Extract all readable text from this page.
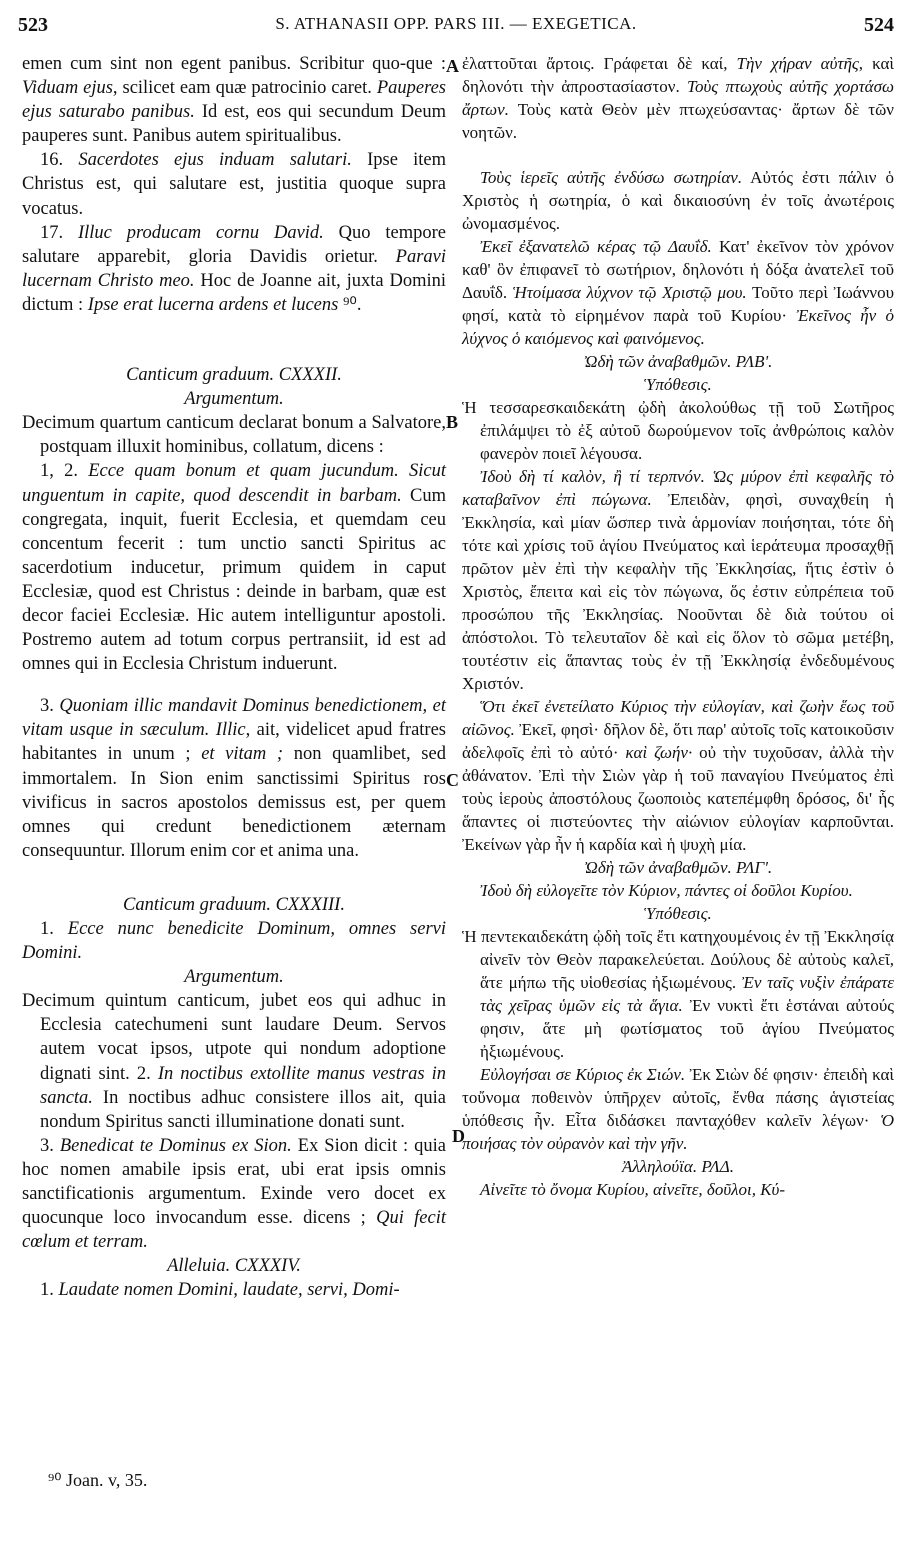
523	S. ATHANASII OPP. PARS III. — EXEGETICA.	524
A
B
C
D

emen cum sint non egent panibus. Scribitur quo-que : Viduam ejus, scilicet eam quæ patrocinio caret. Pauperes ejus saturabo panibus. Id est, eos qui secundum Deum pauperes sunt. Panibus autem spiritualibus.

16. Sacerdotes ejus induam salutari. Ipse item Christus est, qui salutare est, justitia quoque supra vocatus.

17. Illuc producam cornu David. Quo tempore salutare apparebit, gloria Davidis orietur. Paravi lucernam Christo meo. Hoc de Joanne ait, juxta Domini dictum : Ipse erat lucerna ardens et lucens ⁹⁰.

Canticum graduum. CXXXII.

Argumentum.

Decimum quartum canticum declarat bonum a Salvatore, postquam illuxit hominibus, collatum, dicens :

1, 2. Ecce quam bonum et quam jucundum. Sicut unguentum in capite, quod descendit in barbam. Cum congregata, inquit, fuerit Ecclesia, et quemdam ceu concentum fecerit : tum unctio sancti Spiritus ac sacerdotium inducetur, primum quidem in caput Ecclesiæ, quod est Christus : deinde in barbam, quæ est decor faciei Ecclesiæ. Hic autem intelliguntur apostoli. Postremo autem ad totum corpus pertransiit, id est ad omnes qui in Ecclesia Christum induerunt.

3. Quoniam illic mandavit Dominus benedictionem, et vitam usque in sæculum. Illic, ait, videlicet apud fratres habitantes in unum ; et vitam ; non quamlibet, sed immortalem. In Sion enim sanctissimi Spiritus ros vivificus in sacros apostolos demissus est, per quem omnes qui credunt benedictionem æternam consequuntur. Illorum enim cor et anima una.

Canticum graduum. CXXXIII.

1. Ecce nunc benedicite Dominum, omnes servi Domini.

Argumentum.

Decimum quintum canticum, jubet eos qui adhuc in Ecclesia catechumeni sunt laudare Deum. Servos autem vocat ipsos, utpote qui nondum adoptione dignati sint. 2. In noctibus extollite manus vestras in sancta. In noctibus adhuc consistere illos ait, quia nondum Spiritus sancti illuminatione donati sunt.

3. Benedicat te Dominus ex Sion. Ex Sion dicit : quia hoc nomen amabile ipsis erat, ubi erat ipsis omnis sanctificationis argumentum. Exinde vero docet ex quocunque loco invocandum esse. dicens ; Qui fecit cœlum et terram.

Alleluia. CXXXIV.

1. Laudate nomen Domini, laudate, servi, Domi-

ἐλαττοῦται ἄρτοις. Γράφεται δὲ καί, Τὴν χήραν αὐτῆς, καὶ δηλονότι τὴν ἀπροστασίαστον. Τοὺς πτωχοὺς αὐτῆς χορτάσω ἄρτων. Τοὺς κατὰ Θεὸν μὲν πτωχεύσαντας· ἄρτων δὲ τῶν νοητῶν.

Τοὺς ἱερεῖς αὐτῆς ἐνδύσω σωτηρίαν. Αὐτός ἐστι πάλιν ὁ Χριστὸς ἡ σωτηρία, ὁ καὶ δικαιοσύνη ἐν τοῖς ἀνωτέροις ὠνομασμένος.

Ἐκεῖ ἐξανατελῶ κέρας τῷ Δαυΐδ. Κατ' ἐκεῖνον τὸν χρόνον καθ' ὃν ἐπιφανεῖ τὸ σωτήριον, δηλονότι ἡ δόξα ἀνατελεῖ τοῦ Δαυΐδ. Ἡτοίμασα λύχνον τῷ Χριστῷ μου. Τοῦτο περὶ Ἰωάννου φησί, κατὰ τὸ εἰρημένον παρὰ τοῦ Κυρίου· Ἐκεῖνος ἦν ὁ λύχνος ὁ καιόμενος καὶ φαινόμενος.

Ὠδὴ τῶν ἀναβαθμῶν. ΡΛΒʹ.

Ὑπόθεσις.

Ἡ τεσσαρεσκαιδεκάτη ᾠδὴ ἀκολούθως τῇ τοῦ Σωτῆρος ἐπιλάμψει τὸ ἐξ αὐτοῦ δωρούμενον τοῖς ἀνθρώποις καλὸν φανερὸν ποιεῖ λέγουσα.

Ἰδοὺ δὴ τί καλὸν, ἢ τί τερπνόν. Ὡς μύρον ἐπὶ κεφαλῆς τὸ καταβαῖνον ἐπὶ πώγωνα. Ἐπειδὰν, φησὶ, συναχθείη ἡ Ἐκκλησία, καὶ μίαν ὥσπερ τινὰ ἁρμονίαν ποιήσηται, τότε δὴ τότε καὶ χρίσις τοῦ ἁγίου Πνεύματος καὶ ἱεράτευμα προσαχθῇ πρῶτον μὲν ἐπὶ τὴν κεφαλὴν τῆς Ἐκκλησίας, ἥτις ἐστὶν ὁ Χριστὸς, ἔπειτα καὶ εἰς τὸν πώγωνα, ὅς ἐστιν εὐπρέπεια τοῦ προσώπου τῆς Ἐκκλησίας. Νοοῦνται δὲ διὰ τούτου οἱ ἀπόστολοι. Τὸ τελευταῖον δὲ καὶ εἰς ὅλον τὸ σῶμα μετέβη, τουτέστιν εἰς ἅπαντας τοὺς ἐν τῇ Ἐκκλησίᾳ ἐνδεδυμένους Χριστόν.

Ὅτι ἐκεῖ ἐνετείλατο Κύριος τὴν εὐλογίαν, καὶ ζωὴν ἕως τοῦ αἰῶνος. Ἐκεῖ, φησὶ· δῆλον δὲ, ὅτι παρ' αὐτοῖς τοῖς κατοικοῦσιν ἀδελφοῖς ἐπὶ τὸ αὐτό· καὶ ζωήν· οὐ τὴν τυχοῦσαν, ἀλλὰ τὴν ἀθάνατον. Ἐπὶ τὴν Σιὼν γὰρ ἡ τοῦ παναγίου Πνεύματος ἐπὶ τοὺς ἱεροὺς ἀποστόλους ζωοποιὸς κατεπέμφθη δρόσος, δι' ἧς ἅπαντες οἱ πιστεύοντες τὴν αἰώνιον εὐλογίαν καρποῦνται. Ἐκείνων γὰρ ἦν ἡ καρδία καὶ ἡ ψυχὴ μία.

Ὠδὴ τῶν ἀναβαθμῶν. ΡΛΓʹ.

Ἰδοὺ δὴ εὐλογεῖτε τὸν Κύριον, πάντες οἱ δοῦλοι Κυρίου.

Ὑπόθεσις.

Ἡ πεντεκαιδεκάτη ᾠδὴ τοῖς ἔτι κατηχουμένοις ἐν τῇ Ἐκκλησίᾳ αἰνεῖν τὸν Θεὸν παρακελεύεται. Δούλους δὲ αὐτοὺς καλεῖ, ἅτε μήπω τῆς υἱοθεσίας ἠξιωμένους. Ἐν ταῖς νυξὶν ἐπάρατε τὰς χεῖρας ὑμῶν εἰς τὰ ἅγια. Ἐν νυκτὶ ἔτι ἑστάναι αὐτούς φησιν, ἅτε μὴ φωτίσματος τοῦ ἁγίου Πνεύματος ἠξιωμένους.

Εὐλογήσαι σε Κύριος ἐκ Σιών. Ἐκ Σιὼν δέ φησιν· ἐπειδὴ καὶ τοὔνομα ποθεινὸν ὑπῆρχεν αὐτοῖς, ἔνθα πάσης ἁγιστείας ὑπόθεσις ἦν. Εἶτα διδάσκει πανταχόθεν καλεῖν λέγων· Ὁ ποιήσας τὸν οὐρανὸν καὶ τὴν γῆν.

Ἀλληλούϊα. ΡΛΔ.

Αἰνεῖτε τὸ ὄνομα Κυρίου, αἰνεῖτε, δοῦλοι, Κύ-

⁹⁰ Joan. v, 35.
